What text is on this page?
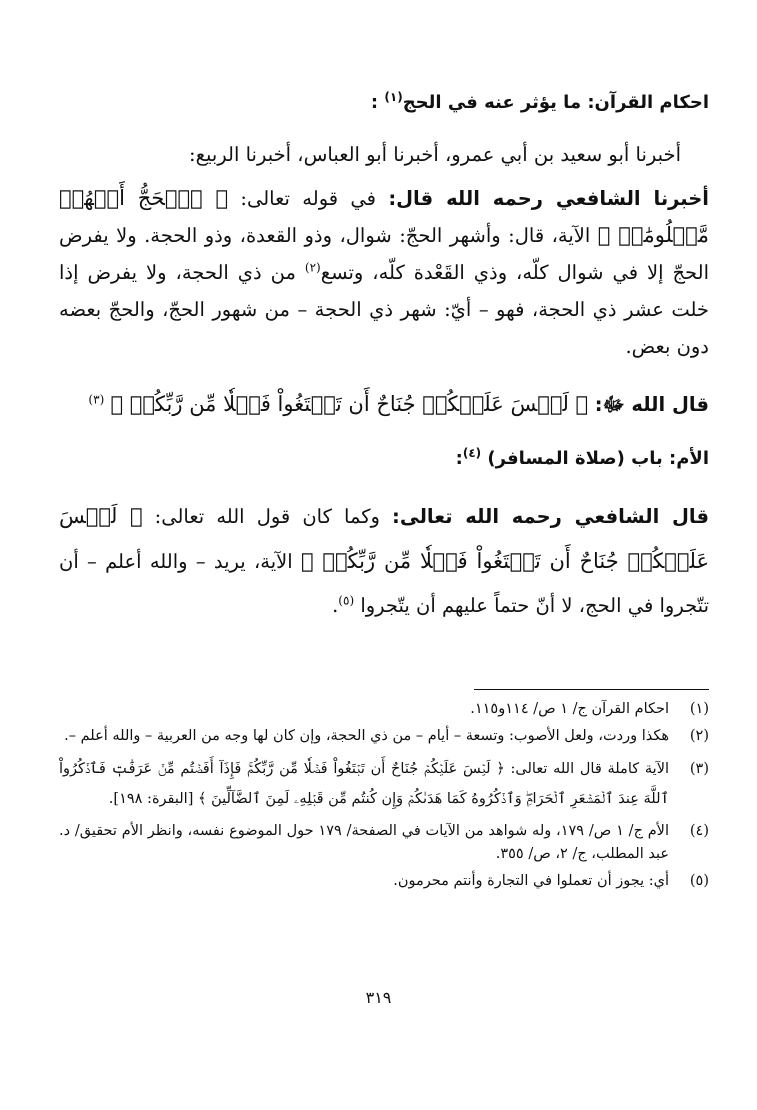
احكام القرآن: ما يؤثر عنه في الحج$^{(١)}$ :
أخبرنا أبو سعيد بن أبي عمرو، أخبرنا أبو العباس، أخبرنا الربيع:
أخبرنا الشافعي رحمه الله قال: في قوله تعالى: ﴿ ٱلۡحَجُّ أَشۡهُرٞ مَّعۡلُومَٰتٞ ﴾ الآية، قال: وأشهر الحجّ: شوال، وذو القعدة، وذو الحجة. ولا يفرض الحجّ إلا في شوال كلّه، وذي القَعْدة كلّه، وتسع$^{(٢)}$ من ذي الحجة، ولا يفرض إذا خلت عشر ذي الحجة، فهو – أيّ: شهر ذي الحجة – من شهور الحجّ، والحجّ بعضه دون بعض.
قال الله ﷻ: ﴿ لَيۡسَ عَلَيۡكُمۡ جُنَاحٌ أَن تَبۡتَغُواْ فَضۡلٗا مِّن رَّبِّكُمۡ ﴾ $^{(٣)}$
الأم: باب (صلاة المسافر) $^{(٤)}$:
قال الشافعي رحمه الله تعالى: وكما كان قول الله تعالى: ﴿ لَيۡسَ عَلَيۡكُمۡ جُنَاحٌ أَن تَبۡتَغُواْ فَضۡلٗا مِّن رَّبِّكُمۡ ﴾ الآية، يريد – والله أعلم – أن تتّجروا في الحج، لا أنّ حتماً عليهم أن يتّجروا $^{(٥)}$.
(١)
احكام القرآن ج/ ١ ص/ ١١٤و١١٥.
(٢)
هكذا وردت، ولعل الأصوب: وتسعة – أيام – من ذي الحجة، وإن كان لها وجه من العربية – والله أعلم –.
(٣)
الآية كاملة قال الله تعالى: ﴿ لَيۡسَ عَلَيۡكُمۡ جُنَاحٌ أَن تَبۡتَغُواْ فَضۡلٗا مِّن رَّبِّكُمۡۚ فَإِذَآ أَفَضۡتُم مِّنۡ عَرَفَٰتٖ فَٱذۡكُرُواْ ٱللَّهَ عِندَ ٱلۡمَشۡعَرِ ٱلۡحَرَامِۖ وَٱذۡكُرُوهُ كَمَا هَدَىٰكُمۡ وَإِن كُنتُم مِّن قَبۡلِهِۦ لَمِنَ ٱلضَّآلِّينَ ﴾ [البقرة: ١٩٨].
(٤)
الأم ج/ ١ ص/ ١٧٩، وله شواهد من الآيات في الصفحة/ ١٧٩ حول الموضوع نفسه، وانظر الأم تحقيق/ د. عبد المطلب، ج/ ٢، ص/ ٣٥٥.
(٥)
أي: يجوز أن تعملوا في التجارة وأنتم محرمون.
٣١٩
